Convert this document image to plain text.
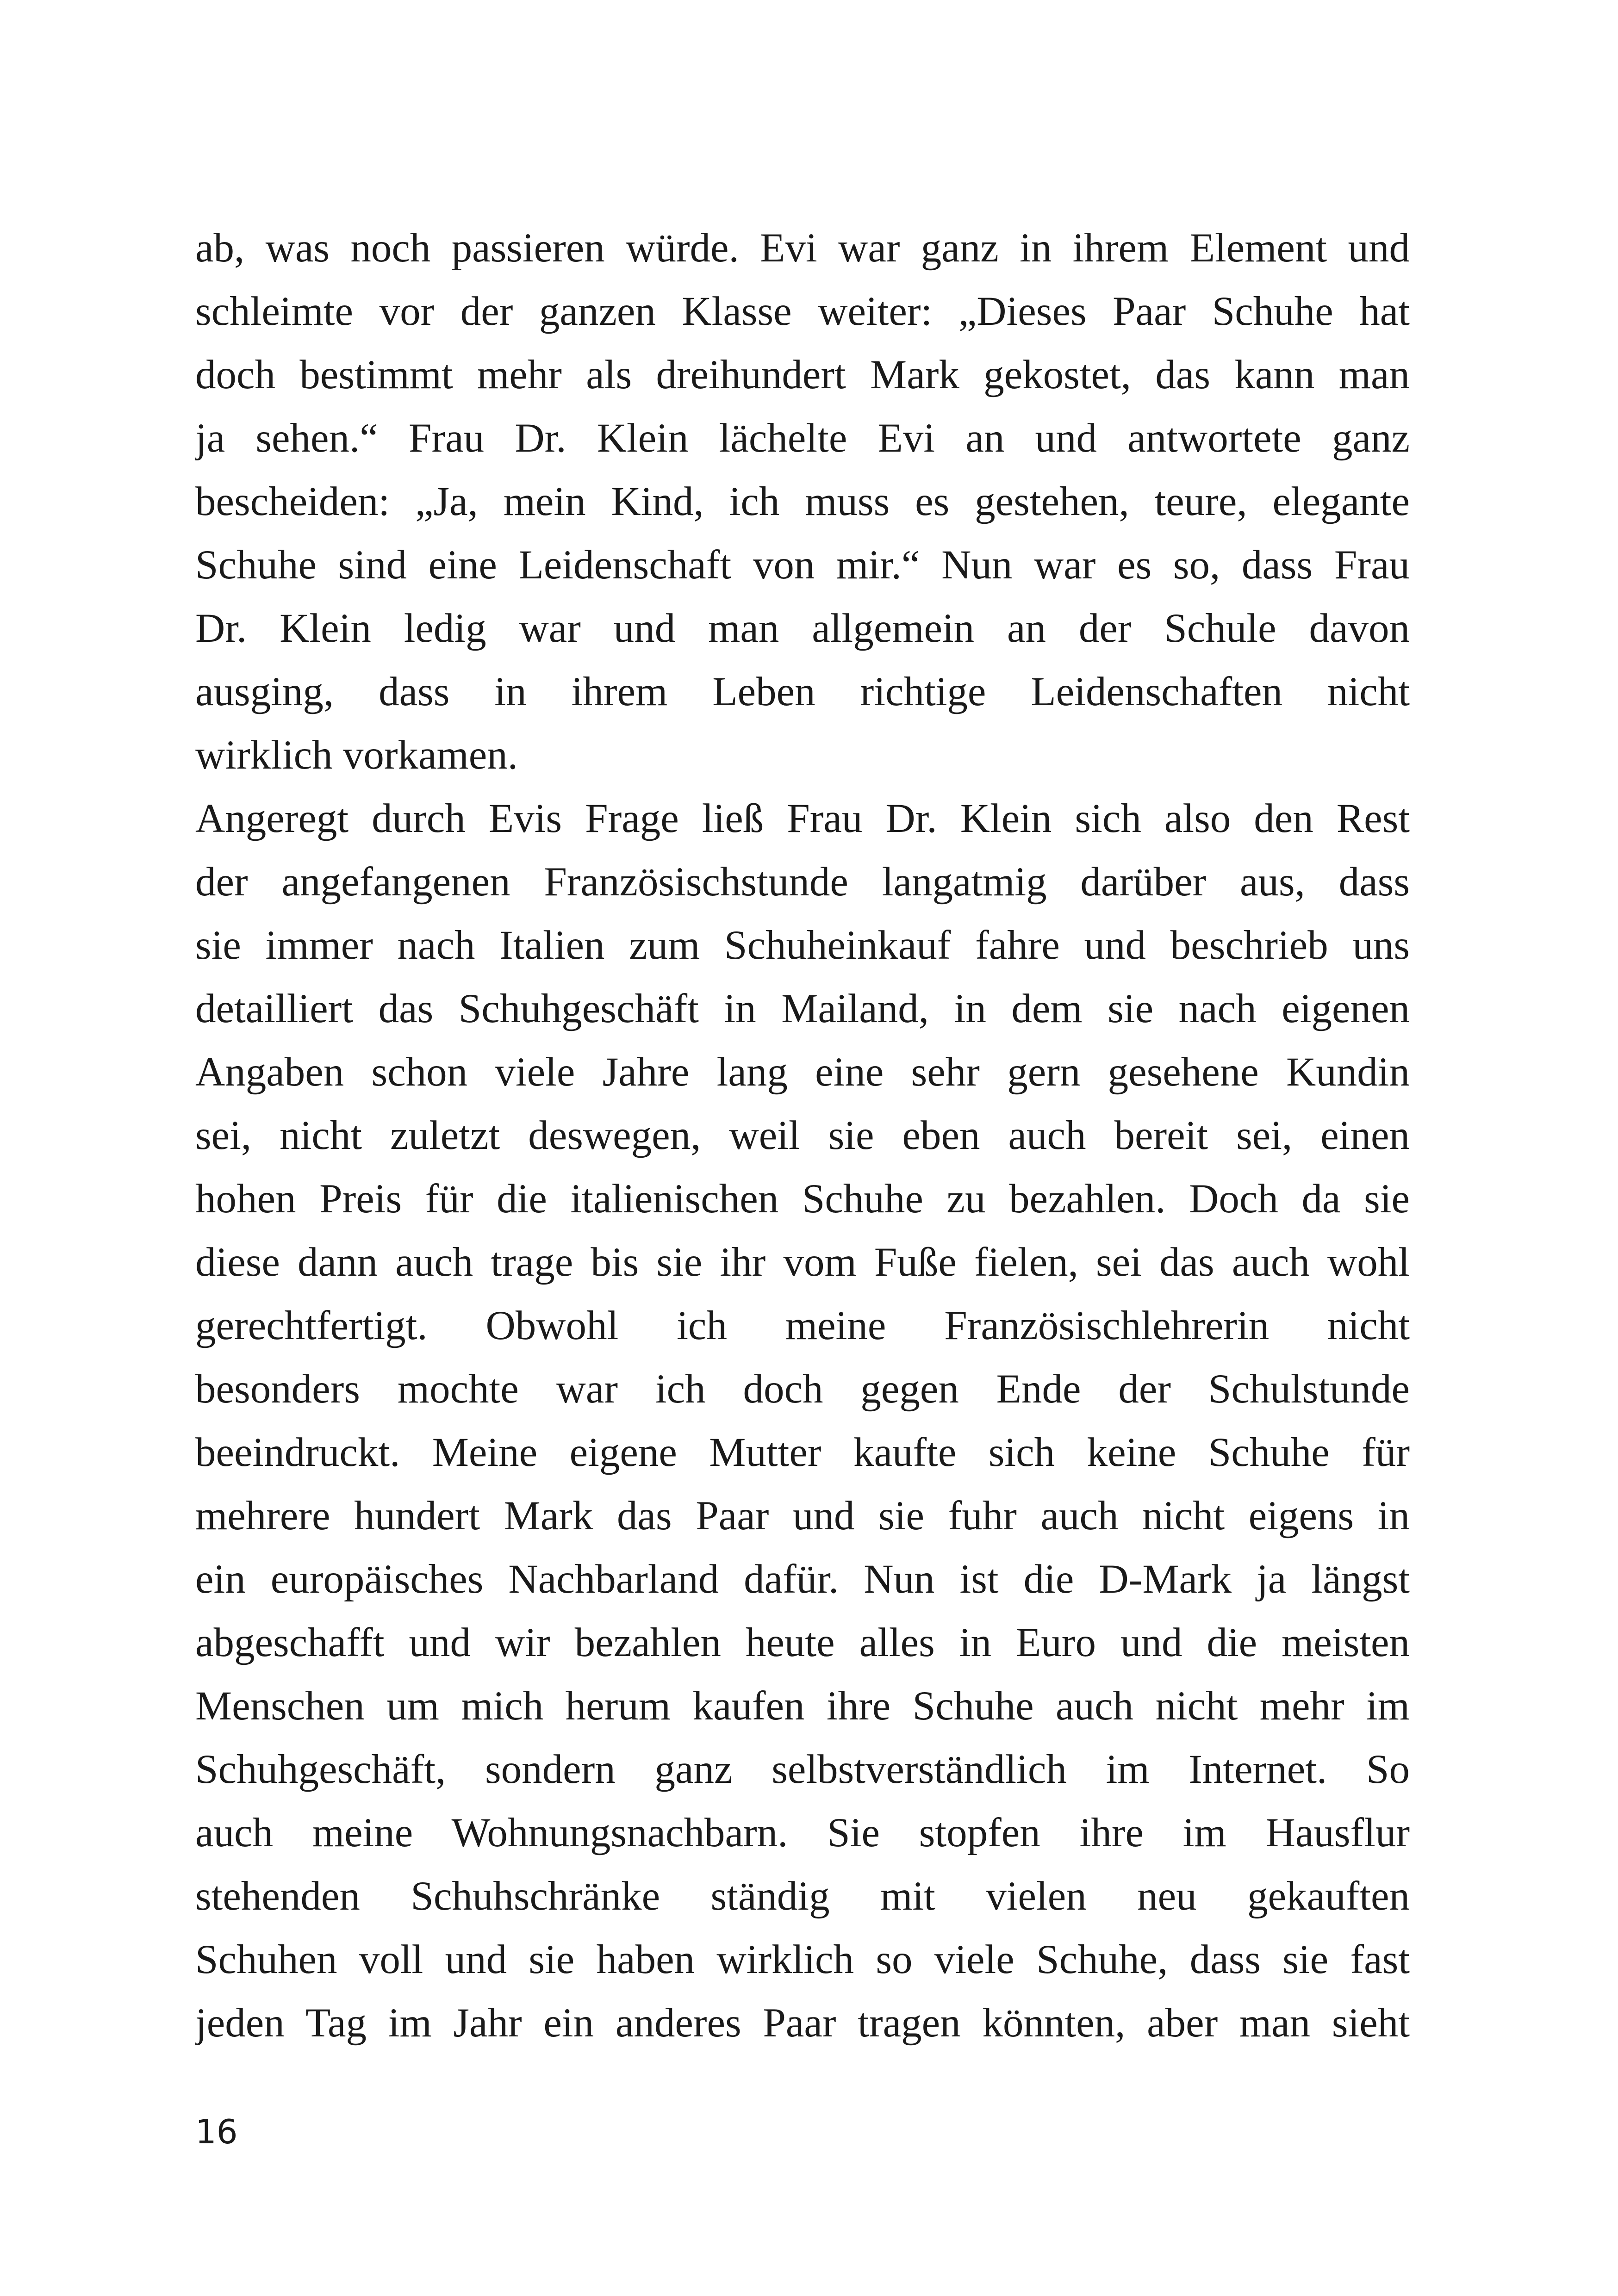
ab, was noch passieren würde. Evi war ganz in ihrem Element und
schleimte vor der ganzen Klasse weiter: „Dieses Paar Schuhe hat
doch bestimmt mehr als dreihundert Mark gekostet, das kann man
ja sehen.“ Frau Dr. Klein lächelte Evi an und antwortete ganz
bescheiden: „Ja, mein Kind, ich muss es gestehen, teure, elegante
Schuhe sind eine Leidenschaft von mir.“ Nun war es so, dass Frau
Dr. Klein ledig war und man allgemein an der Schule davon
ausging, dass in ihrem Leben richtige Leidenschaften nicht
wirklich vorkamen.
Angeregt durch Evis Frage ließ Frau Dr. Klein sich also den Rest
der angefangenen Französischstunde langatmig darüber aus, dass
sie immer nach Italien zum Schuheinkauf fahre und beschrieb uns
detailliert das Schuhgeschäft in Mailand, in dem sie nach eigenen
Angaben schon viele Jahre lang eine sehr gern gesehene Kundin
sei, nicht zuletzt deswegen, weil sie eben auch bereit sei, einen
hohen Preis für die italienischen Schuhe zu bezahlen. Doch da sie
diese dann auch trage bis sie ihr vom Fuße fielen, sei das auch wohl
gerechtfertigt. Obwohl ich meine Französischlehrerin nicht
besonders mochte war ich doch gegen Ende der Schulstunde
beeindruckt. Meine eigene Mutter kaufte sich keine Schuhe für
mehrere hundert Mark das Paar und sie fuhr auch nicht eigens in
ein europäisches Nachbarland dafür. Nun ist die D-Mark ja längst
abgeschafft und wir bezahlen heute alles in Euro und die meisten
Menschen um mich herum kaufen ihre Schuhe auch nicht mehr im
Schuhgeschäft, sondern ganz selbstverständlich im Internet. So
auch meine Wohnungsnachbarn. Sie stopfen ihre im Hausflur
stehenden Schuhschränke ständig mit vielen neu gekauften
Schuhen voll und sie haben wirklich so viele Schuhe, dass sie fast
jeden Tag im Jahr ein anderes Paar tragen könnten, aber man sieht
16
